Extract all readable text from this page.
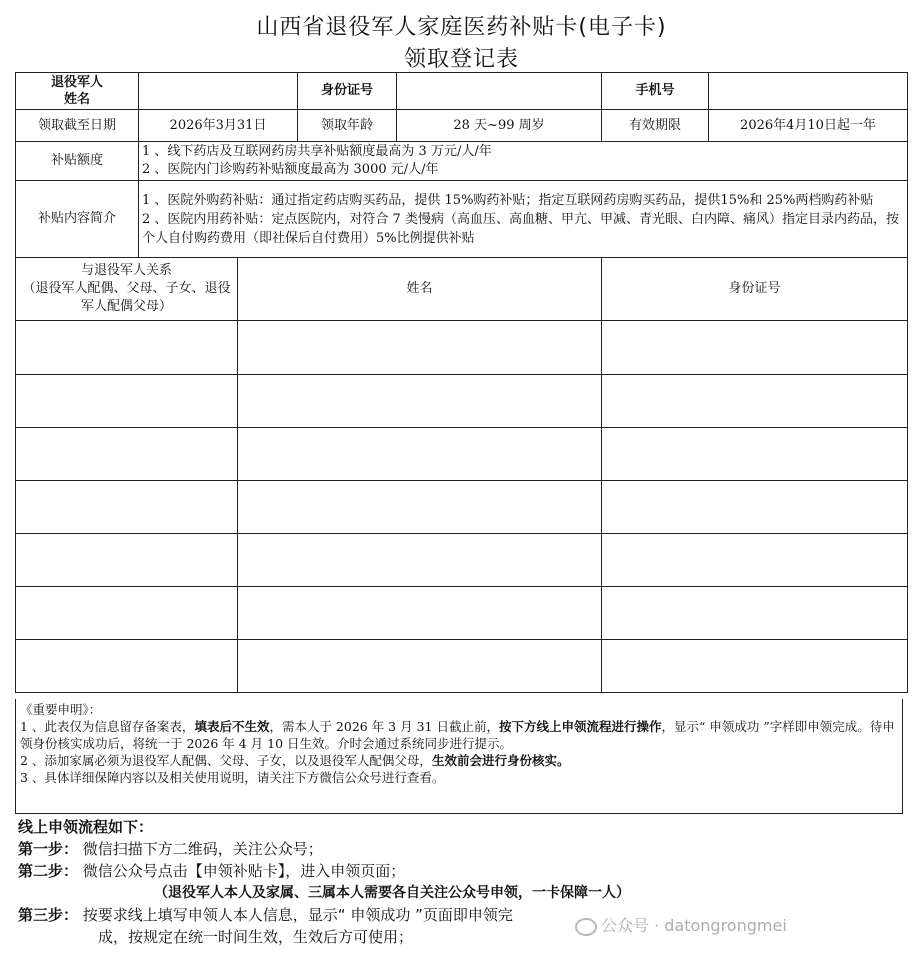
山西省退役军人家庭医药补贴卡(电子卡)
领取登记表
退役军人
姓名			身份证号		手机号	
领取截至日期	2026年3月31日		领取年龄	28 天~99 周岁	有效期限	2026年4月10日起一年
补贴额度	1 、线下药店及互联网药房共享补贴额度最高为 3 万元/人/年
2 、医院内门诊购药补贴额度最高为 3000 元/人/年					

补贴内容简介	1 、医院外购药补贴：通过指定药店购买药品，提供 15%购药补贴；指定互联网药房购买药品，提供15%和 25%两档购药补贴
2 、医院内用药补贴：定点医院内，对符合 7 类慢病（高血压、高血糖、甲亢、甲减、青光眼、白内障、痛风）指定目录内药品，按个人自付购药费用（即社保后自付费用）5%比例提供补贴					

与退役军人关系
（退役军人配偶、父母、子女、退役军人配偶父母）		姓名			身份证号	

《重要申明》：

1 、此表仅为信息留存备案表，填表后不生效，需本人于 2026 年 3 月 31 日截止前，按下方线上申领流程进行操作，显示“ 申领成功 ”字样即申领完成。待申领身份核实成功后，将统一于 2026 年 4 月 10 日生效。介时会通过系统同步进行提示。

2 、添加家属必须为退役军人配偶、父母、子女，以及退役军人配偶父母，生效前会进行身份核实。

3 、具体详细保障内容以及相关使用说明，请关注下方微信公众号进行查看。

线上申领流程如下：

第一步： 微信扫描下方二维码，关注公众号；

第二步： 微信公众号点击【申领补贴卡】，进入申领页面；

（退役军人本人及家属、三属本人需要各自关注公众号申领，一卡保障一人）

第三步： 按要求线上填写申领人本人信息，显示“ 申领成功 ”页面即申领完

成，按规定在统一时间生效，生效后方可使用；

公众号 · datongrongmei
